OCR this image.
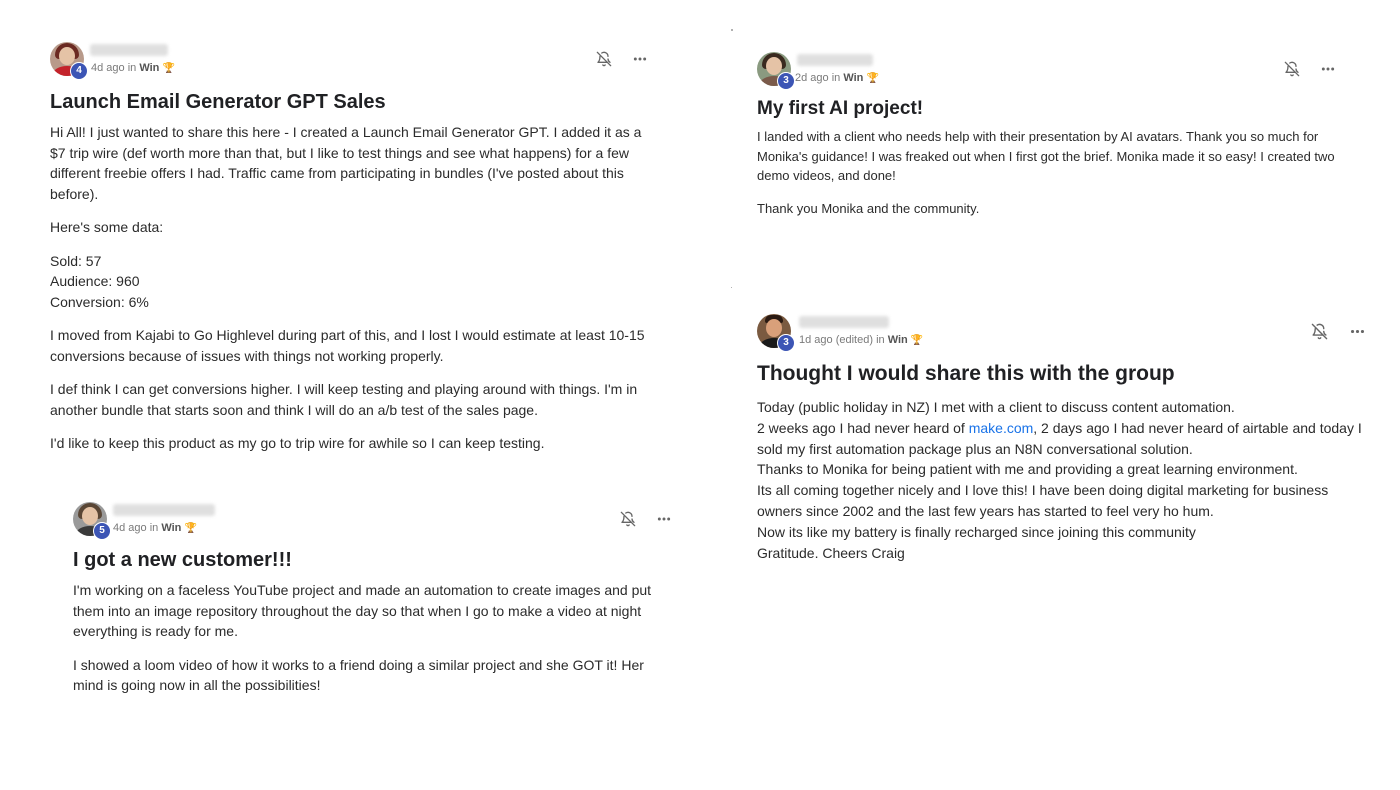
4 4d ago in Win 🏆
Launch Email Generator GPT Sales

Hi All! I just wanted to share this here - I created a Launch Email Generator GPT. I added it as a $7 trip wire (def worth more than that, but I like to test things and see what happens) for a few different freebie offers I had. Traffic came from participating in bundles (I've posted about this before).

Here's some data:

Sold: 57
Audience: 960
Conversion: 6%

I moved from Kajabi to Go Highlevel during part of this, and I lost I would estimate at least 10-15 conversions because of issues with things not working properly.

I def think I can get conversions higher. I will keep testing and playing around with things. I'm in another bundle that starts soon and think I will do an a/b test of the sales page.

I'd like to keep this product as my go to trip wire for awhile so I can keep testing.

5 4d ago in Win 🏆
I got a new customer!!!

I'm working on a faceless YouTube project and made an automation to create images and put them into an image repository throughout the day so that when I go to make a video at night everything is ready for me.

I showed a loom video of how it works to a friend doing a similar project and she GOT it! Her mind is going now in all the possibilities!

3 2d ago in Win 🏆
My first AI project!

I landed with a client who needs help with their presentation by AI avatars. Thank you so much for Monika's guidance! I was freaked out when I first got the brief. Monika made it so easy! I created two demo videos, and done!

Thank you Monika and the community.

3 1d ago (edited) in Win 🏆
Thought I would share this with the group

Today (public holiday in NZ) I met with a client to discuss content automation.
2 weeks ago I had never heard of make.com, 2 days ago I had never heard of airtable and today I sold my first automation package plus an N8N conversational solution.
Thanks to Monika for being patient with me and providing a great learning environment.
Its all coming together nicely and I love this! I have been doing digital marketing for business owners since 2002 and the last few years has started to feel very ho hum.
Now its like my battery is finally recharged since joining this community
Gratitude. Cheers Craig
